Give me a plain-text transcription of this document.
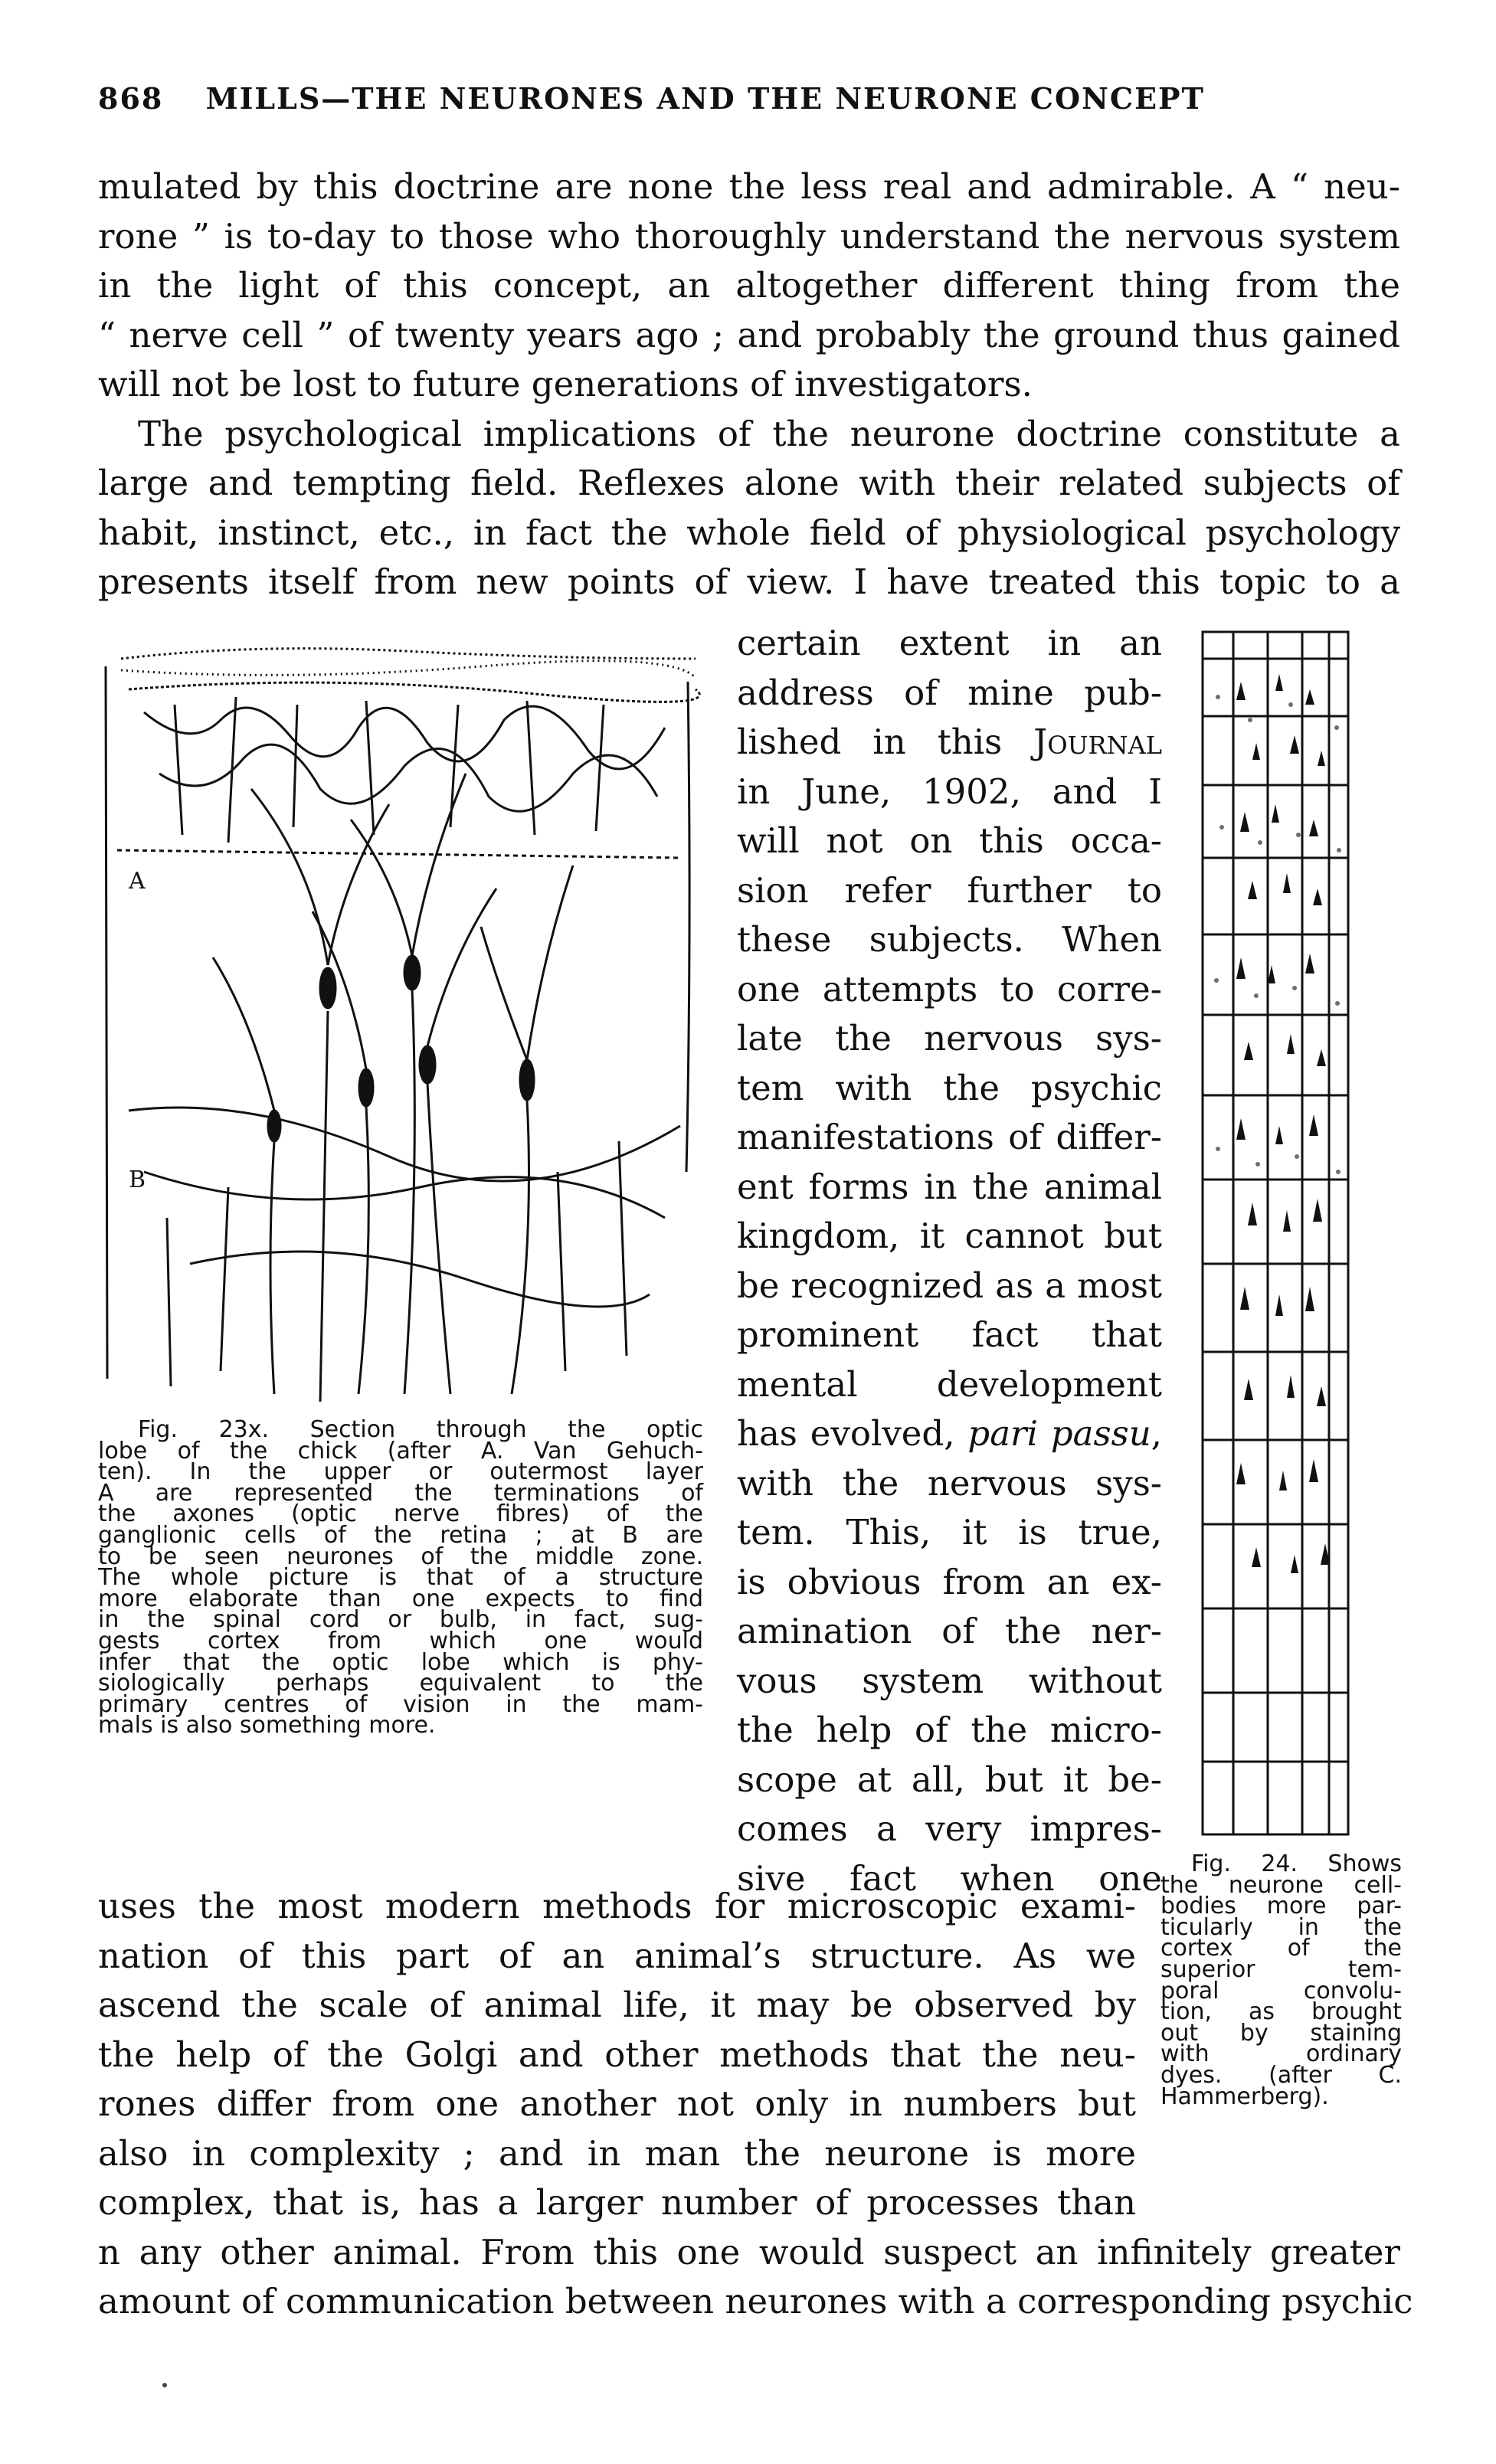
868 MILLS—THE NEURONES AND THE NEURONE CONCEPT
mulated by this doctrine are none the less real and admirable. A “ neu-
rone ” is to-day to those who thoroughly understand the nervous system
in the light of this concept, an altogether different thing from the
“ nerve cell ” of twenty years ago ; and probably the ground thus gained
will not be lost to future generations of investigators.
The psychological implications of the neurone doctrine constitute a
large and tempting field. Reflexes alone with their related subjects of
habit, instinct, etc., in fact the whole field of physiological psychology
presents itself from new points of view. I have treated this topic to a
A
B
Fig. 23x. Section through the optic
lobe of the chick (after A. Van Gehuch-
ten). In the upper or outermost layer
A are represented the terminations of
the axones (optic nerve fibres) of the
ganglionic cells of the retina ; at B are
to be seen neurones of the middle zone.
The whole picture is that of a structure
more elaborate than one expects to find
in the spinal cord or bulb, in fact, sug-
gests cortex from which one would
infer that the optic lobe which is phy-
siologically perhaps equivalent to the
primary centres of vision in the mam-
mals is also something more.
certain extent in an
address of mine pub-
lished in this Journal
in June, 1902, and I
will not on this occa-
sion refer further to
these subjects. When
one attempts to corre-
late the nervous sys-
tem with the psychic
manifestations of differ-
ent forms in the animal
kingdom, it cannot but
be recognized as a most
prominent fact that
mental development
has evolved, pari passu,
with the nervous sys-
tem. This, it is true,
is obvious from an ex-
amination of the ner-
vous system without
the help of the micro-
scope at all, but it be-
comes a very impres-
sive fact when one	Fig. 24. Shows
the neurone cell-
bodies more par-
ticularly in the
cortex of the
superior tem-
poral convolu-
tion, as brought
out by staining
with ordinary
dyes. (after C.
Hammerberg).
uses the most modern methods for microscopic exami-
nation of this part of an animal’s structure. As we
ascend the scale of animal life, it may be observed by
the help of the Golgi and other methods that the neu-
rones differ from one another not only in numbers but
also in complexity ; and in man the neurone is more
complex, that is, has a larger number of processes than
n any other animal. From this one would suspect an infinitely greater
amount of communication between neurones with a corresponding psychic
